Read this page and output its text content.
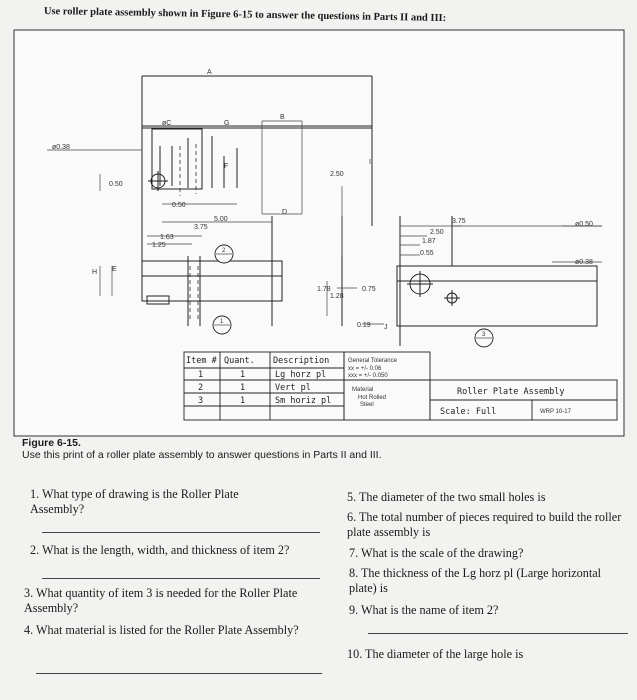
Use roller plate assembly shown in Figure 6-15 to answer the questions in Parts II and III:
ø0.38
0.50
0.50
5.00
3.75
1.63
1.25
2.50
1.78
1.28
0.75
0.19
3.75
2.50
1.87
0.55
ø0.50
ø0.38
A
B
øC
D
E
F
G
H
I
J
2
1
3
Item # Quant. Description
1	1	Lg horz pl
2	1	Vert pl
3	1	Sm horiz pl
General Tolerance
xx = +/- 0.06
xxx = +/- 0.050
Material
Hot Rolled
Steel
Roller Plate Assembly
Scale: Full	WRP 10-17
Figure 6-15.
Use this print of a roller plate assembly to answer questions in Parts II and III.
1. What type of drawing is the Roller Plate Assembly?
2. What is the length, width, and thickness of item 2?
3. What quantity of item 3 is needed for the Roller Plate Assembly?
4. What material is listed for the Roller Plate Assembly?
5. The diameter of the two small holes is
6. The total number of pieces required to build the roller plate assembly is
7. What is the scale of the drawing?
8. The thickness of the Lg horz pl (Large horizontal plate) is
9. What is the name of item 2?
10. The diameter of the large hole is
